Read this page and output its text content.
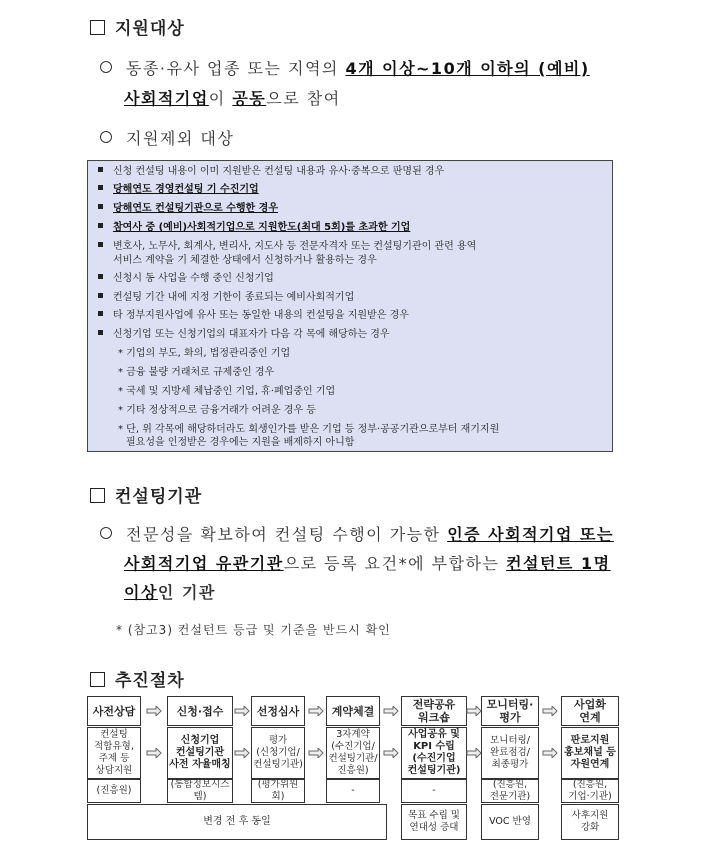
지원대상
동종·유사 업종 또는 지역의 4개 이상~10개 이하의 (예비)
사회적기업이 공동으로 참여
지원제외 대상
신청 컨설팅 내용이 이미 지원받은 컨설팅 내용과 유사·중복으로 판명된 경우
당해연도 경영컨설팅 기 수진기업
당해연도 컨설팅기관으로 수행한 경우
참여사 중 (예비)사회적기업으로 지원한도(최대 5회)를 초과한 기업
변호사, 노무사, 회계사, 변리사, 지도사 등 전문자격자 또는 컨설팅기관이 관련 용역
서비스 계약을 기 체결한 상태에서 신청하거나 활용하는 경우
신청시 동 사업을 수행 중인 신청기업
컨설팅 기간 내에 지정 기한이 종료되는 예비사회적기업
타 정부지원사업에 유사 또는 동일한 내용의 컨설팅을 지원받은 경우
신청기업 또는 신청기업의 대표자가 다음 각 목에 해당하는 경우
* 기업의 부도, 화의, 법정관리중인 기업
* 금융 불량 거래처로 규제중인 경우
* 국세 및 지방세 체납중인 기업, 휴·폐업중인 기업
* 기타 정상적으로 금융거래가 어려운 경우 등
* 단, 위 각목에 해당하더라도 회생인가를 받은 기업 등 정부·공공기관으로부터 재기지원
필요성을 인정받은 경우에는 지원을 배제하지 아니함
컨설팅기관
전문성을 확보하여 컨설팅 수행이 가능한 인증 사회적기업 또는
사회적기업 유관기관으로 등록 요건*에 부합하는 컨설턴트 1명
이상인 기관
* (참고3) 컨설턴트 등급 및 기준을 반드시 확인
추진절차
사전상담
컨설팅
적합유형,
주제 등
상담지원
(진흥원)
신청·접수
신청기업
컨설팅기관
사전 자율매칭
(통합정보시스템)
선정심사
평가
(신청기업/
컨설팅기관)
(평가위원회)
계약체결
3자계약
(수진기업/
컨설팅기관/
진흥원)
-
전략공유
워크숍
사업공유 및
KPI 수립
(수진기업
컨설팅기관)
-
모니터링·
평가
모니터링/
완료점검/
최종평가
(진흥원,
전문기관)
사업화
연계
판로지원
홍보채널 등
자원연계
(진흥원,
기업·기관)
변경 전 후 동일
목표 수립 및
연대성 증대
VOC 반영
사후지원
강화
